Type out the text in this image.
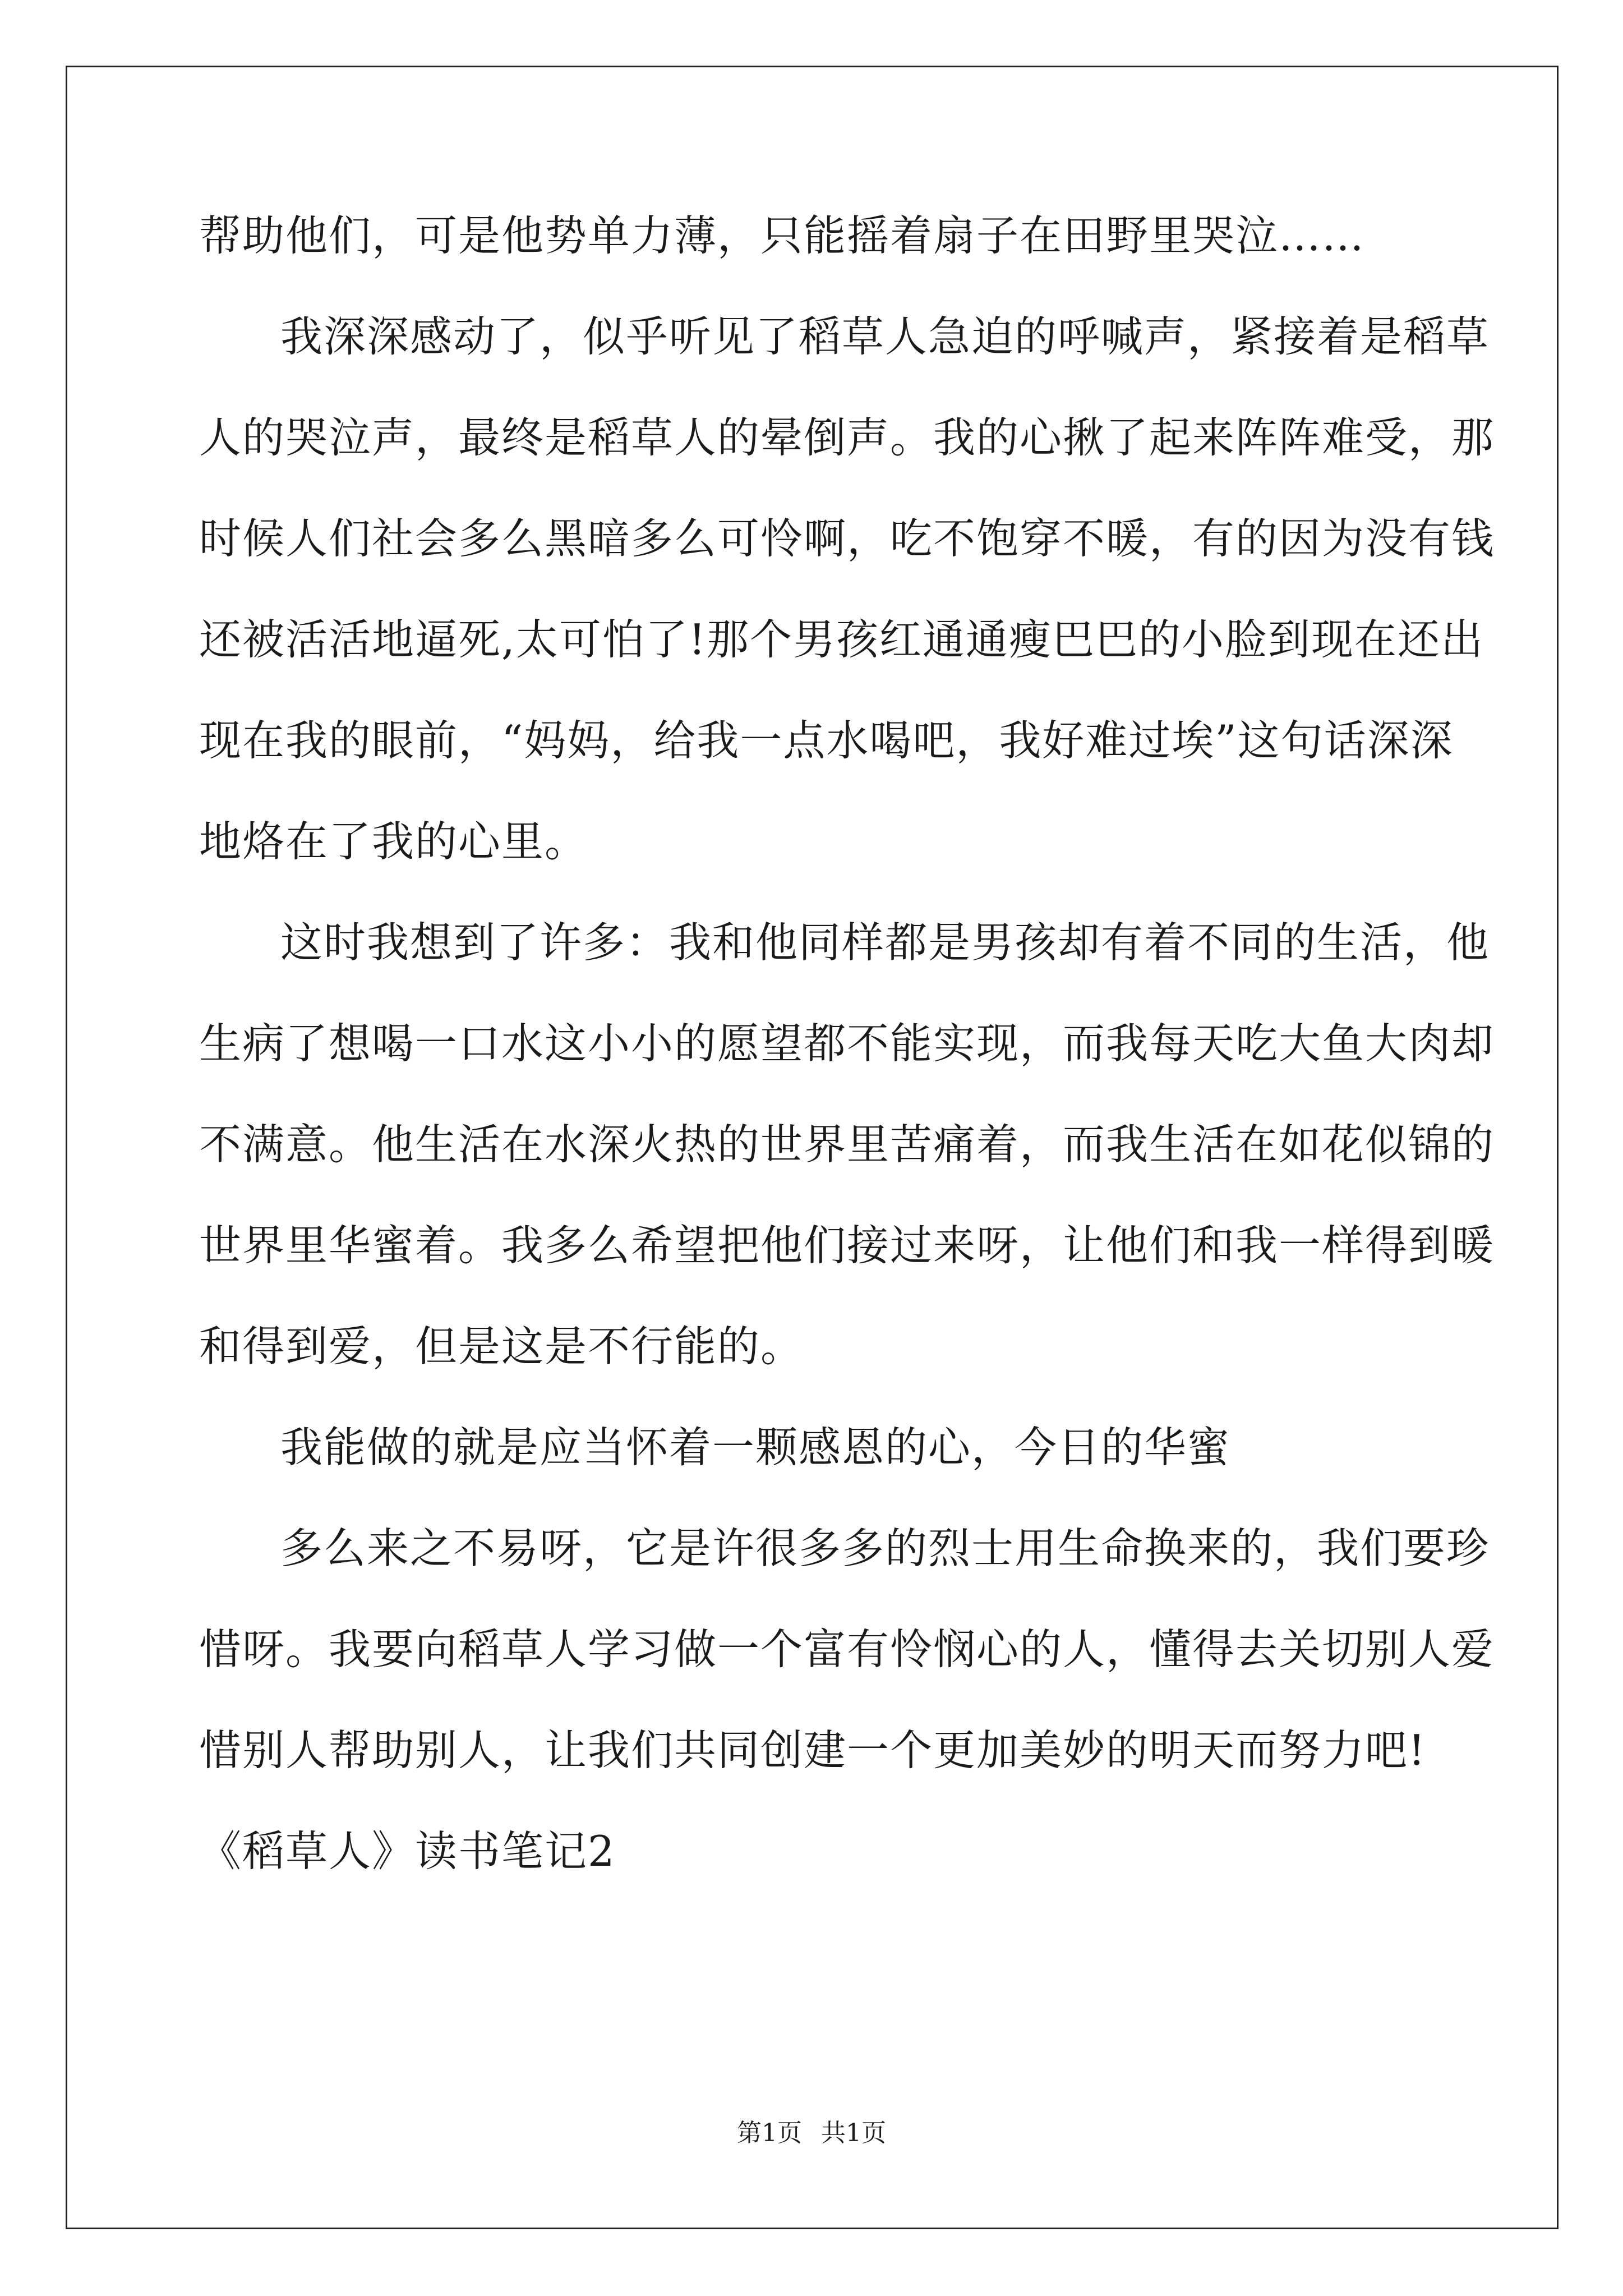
帮助他们，可是他势单力薄，只能摇着扇子在田野里哭泣……
我深深感动了，似乎听见了稻草人急迫的呼喊声，紧接着是稻草
人的哭泣声，最终是稻草人的晕倒声。我的心揪了起来阵阵难受，那
时候人们社会多么黑暗多么可怜啊，吃不饱穿不暖，有的因为没有钱
还被活活地逼死,太可怕了!那个男孩红通通瘦巴巴的小脸到现在还出
现在我的眼前，“妈妈，给我一点水喝吧，我好难过埃”这句话深深
地烙在了我的心里。
这时我想到了许多：我和他同样都是男孩却有着不同的生活，他
生病了想喝一口水这小小的愿望都不能实现，而我每天吃大鱼大肉却
不满意。他生活在水深火热的世界里苦痛着，而我生活在如花似锦的
世界里华蜜着。我多么希望把他们接过来呀，让他们和我一样得到暖
和得到爱，但是这是不行能的。
我能做的就是应当怀着一颗感恩的心，今日的华蜜
多么来之不易呀，它是许很多多的烈士用生命换来的，我们要珍
惜呀。我要向稻草人学习做一个富有怜悯心的人，懂得去关切别人爱
惜别人帮助别人，让我们共同创建一个更加美妙的明天而努力吧!
《稻草人》读书笔记2
第1页 共1页
